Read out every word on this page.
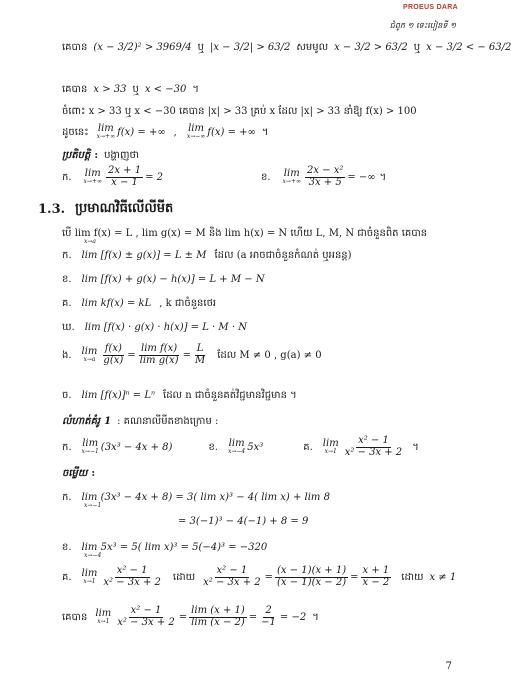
PROEUS DARA
ជំពូក ១ ទេះបៀនទី ១
គេបាន (x − 3/2)² > 3969/4 ឬ |x − 3/2| > 63/2 សមមូល x − 3/2 > 63/2 ឬ x − 3/2 < − 63/2
គេបាន x > 33 ឬ x < −30 ។
ចំពោះ x > 33 ឬ x < −30 គេបាន |x| > 33 គ្រប់ x ដែល |x| > 33 នាំឱ្យ f(x) > 100
ដូចនេះ lim
x→+∞ f(x) = +∞ , lim
x→−∞ f(x) = +∞ ។
ប្រតិបត្តិ : បង្ហាញថា
ក. lim
$x\to+\infty \frac{2x + 1}{x - 1} = 2$	ខ. lim
$x\to+\infty \frac{\text{2x − x²}}{3x + 5}$ = −∞ ។
1.3. ប្រមាណវិធីលើលីមីត
បើ lim f(x) = L , lim g(x) = M និង lim h(x) = N ហើយ L, M, N ជាចំនួនពិត គេបាន
x→a
ក. lim [f(x) ± g(x)] = L ± M ដែល (a អាចជាចំនួនកំណត់ ឬអនន្ត)
ខ. lim [f(x) + g(x) − h(x)] = L + M − N
គ. lim kf(x) = kL , k ជាចំនួនថេរ
ឃ. lim [f(x) · g(x) · h(x)] = L · M · N
ង. lim
$x\to a \frac{f(x)}{g(x)} = \frac{\text{lim f(x)}}{\text{lim g(x)}} = \frac{L}{M}$ ដែល M ≠ 0 , g(a) ≠ 0
ច. lim [f(x)]ⁿ = Lⁿ ដែល n ជាចំនួនគត់វិជ្ជមានវិជ្ជមាន ។
លំហាត់គំរូ 1 : គណនាលីមីតខាងក្រោម :
ក. lim
x→−1 (3x³ − 4x + 8)	ខ. lim
x→−4 5x³	គ. lim
$x\to 1 \frac{\text{x² − 1}}{\text{x² − 3x + 2}}$ ។
ចម្លើយ :
ក. lim (3x³ − 4x + 8) = 3( lim x)³ − 4( lim x) + lim 8
x→−1
= 3(−1)³ − 4(−1) + 8 = 9
ខ. lim 5x³ = 5( lim x)³ = 5(−4)³ = −320
x→−4
គ. lim
$x\to 1 \frac{\text{x² − 1}}{\text{x² − 3x + 2}}$ ដោយ $\frac{\text{x² − 1}}{\text{x² − 3x + 2}} = \frac{(x - 1)(x + 1)}{(x - 1)(x - 2)} = \frac{x + 1}{x - 2}$ ដោយ x ≠ 1
គេបាន lim
$x\to 1 \frac{\text{x² − 1}}{\text{x² − 3x + 2}} = \frac{\lim (x + 1)}{\lim (x - 2)} = \frac{2}{-1} = -2$ ។
7
